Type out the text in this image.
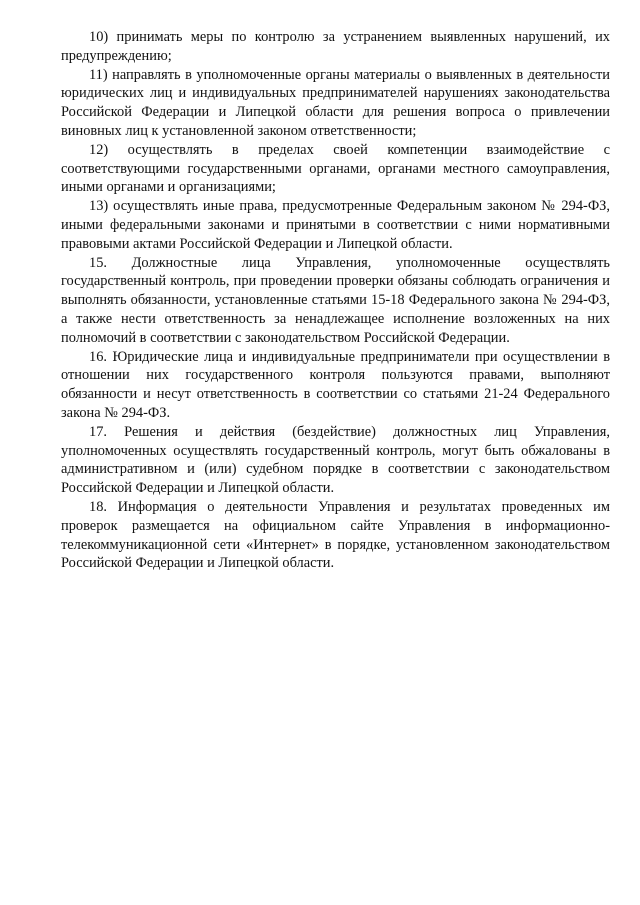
10) принимать меры по контролю за устранением выявленных нарушений, их предупреждению;

11) направлять в уполномоченные органы материалы о выявленных в деятельности юридических лиц и индивидуальных предпринимателей нарушениях законодательства Российской Федерации и Липецкой области для решения вопроса о привлечении виновных лиц к установленной законом ответственности;

12) осуществлять в пределах своей компетенции взаимодействие с соответствующими государственными органами, органами местного самоуправления, иными органами и организациями;

13) осуществлять иные права, предусмотренные Федеральным законом № 294-ФЗ, иными федеральными законами и принятыми в соответствии с ними нормативными правовыми актами Российской Федерации и Липецкой области.

15. Должностные лица Управления, уполномоченные осуществлять государственный контроль, при проведении проверки обязаны соблюдать ограничения и выполнять обязанности, установленные статьями 15-18 Федерального закона № 294-ФЗ, а также нести ответственность за ненадлежащее исполнение возложенных на них полномочий в соответствии с законодательством Российской Федерации.

16. Юридические лица и индивидуальные предприниматели при осуществлении в отношении них государственного контроля пользуются правами, выполняют обязанности и несут ответственность в соответствии со статьями 21-24 Федерального закона № 294-ФЗ.

17. Решения и действия (бездействие) должностных лиц Управления, уполномоченных осуществлять государственный контроль, могут быть обжалованы в административном и (или) судебном порядке в соответствии с законодательством Российской Федерации и Липецкой области.

18. Информация о деятельности Управления и результатах проведенных им проверок размещается на официальном сайте Управления в информационно-телекоммуникационной сети «Интернет» в порядке, установленном законодательством Российской Федерации и Липецкой области.
